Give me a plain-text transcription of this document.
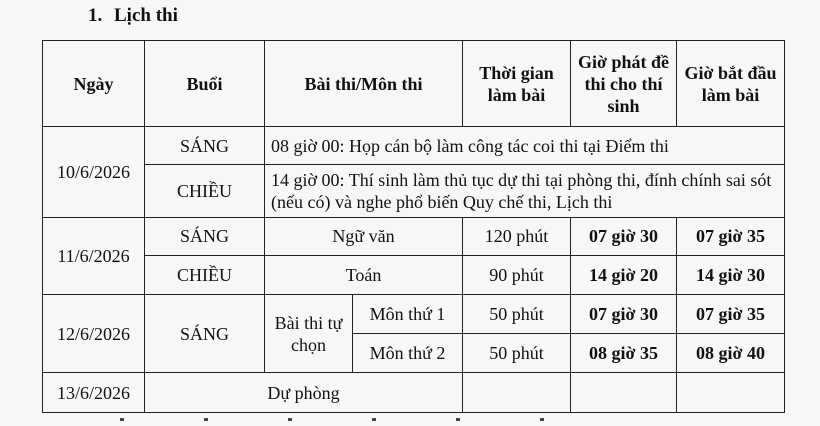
1. Lịch thi
Ngày	Buổi	Bài thi/Môn thi		Thời gian làm bài	Giờ phát đề thi cho thí sinh	Giờ bắt đầu làm bài
10/6/2026	SÁNG	08 giờ 00: Họp cán bộ làm công tác coi thi tại Điểm thi				
	CHIỀU	14 giờ 00: Thí sinh làm thủ tục dự thi tại phòng thi, đính chính sai sót (nếu có) và nghe phổ biến Quy chế thi, Lịch thi				
11/6/2026	SÁNG	Ngữ văn		120 phút	07 giờ 30	07 giờ 35
	CHIỀU	Toán		90 phút	14 giờ 20	14 giờ 30
12/6/2026	SÁNG	Bài thi tự chọn	Môn thứ 1	50 phút	07 giờ 30	07 giờ 35
			Môn thứ 2	50 phút	08 giờ 35	08 giờ 40
13/6/2026	Dự phòng					
